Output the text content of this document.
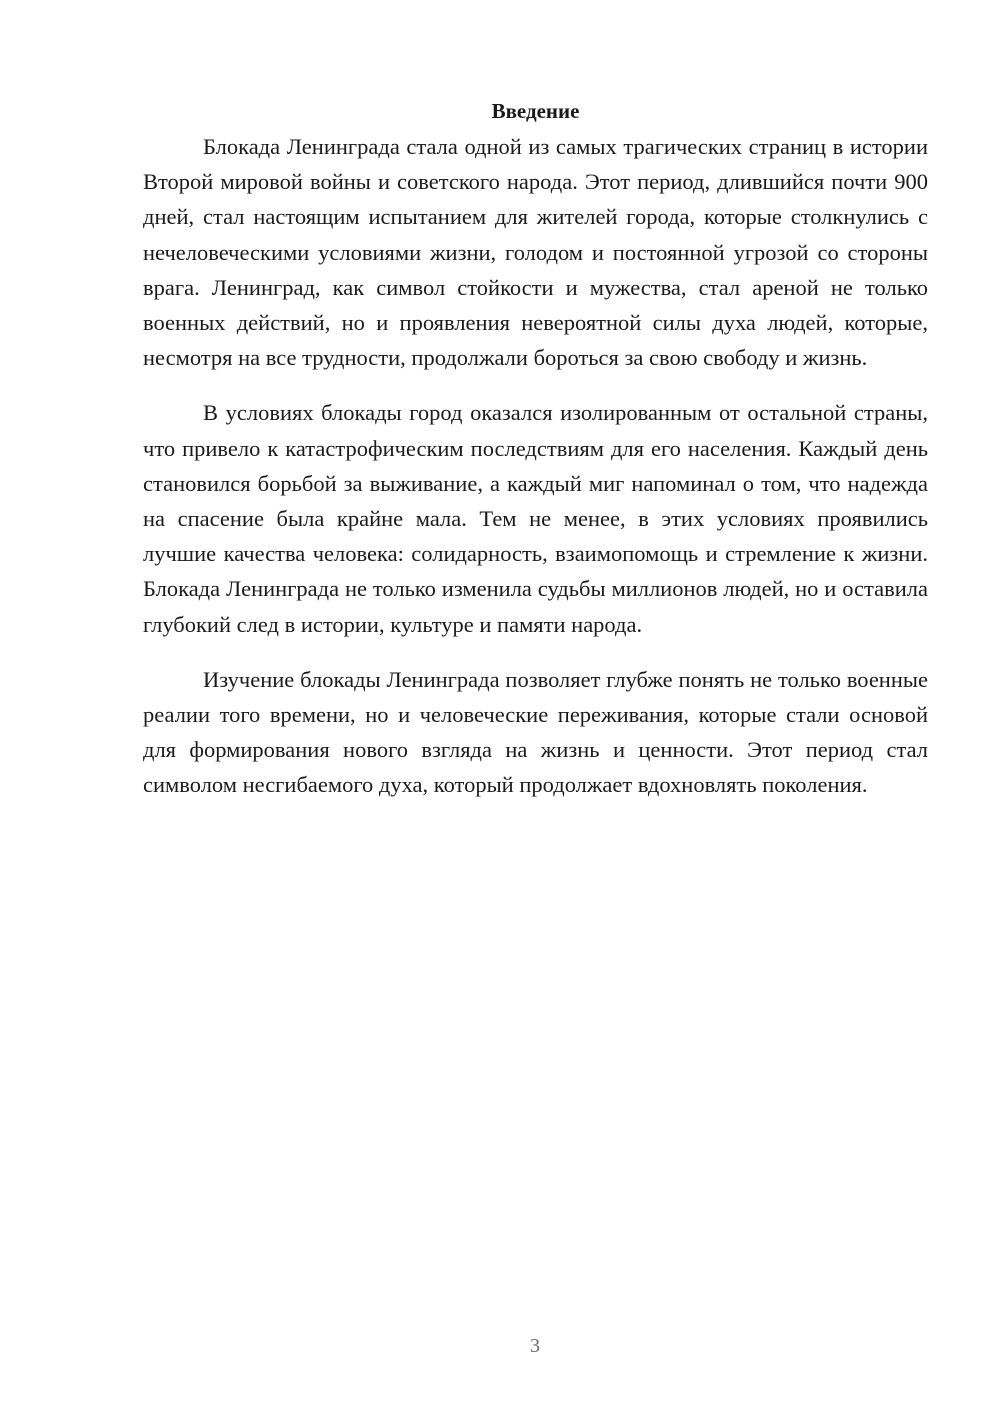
Введение

Блокада Ленинграда стала одной из самых трагических страниц в истории Второй мировой войны и советского народа. Этот период, длившийся почти 900 дней, стал настоящим испытанием для жителей города, которые столкнулись с нечеловеческими условиями жизни, голодом и постоянной угрозой со стороны врага. Ленинград, как символ стойкости и мужества, стал ареной не только военных действий, но и проявления невероятной силы духа людей, которые, несмотря на все трудности, продолжали бороться за свою свободу и жизнь.

В условиях блокады город оказался изолированным от остальной страны, что привело к катастрофическим последствиям для его населения. Каждый день становился борьбой за выживание, а каждый миг напоминал о том, что надежда на спасение была крайне мала. Тем не менее, в этих условиях проявились лучшие качества человека: солидарность, взаимопомощь и стремление к жизни. Блокада Ленинграда не только изменила судьбы миллионов людей, но и оставила глубокий след в истории, культуре и памяти народа.

Изучение блокады Ленинграда позволяет глубже понять не только военные реалии того времени, но и человеческие переживания, которые стали основой для формирования нового взгляда на жизнь и ценности. Этот период стал символом несгибаемого духа, который продолжает вдохновлять поколения.

3
